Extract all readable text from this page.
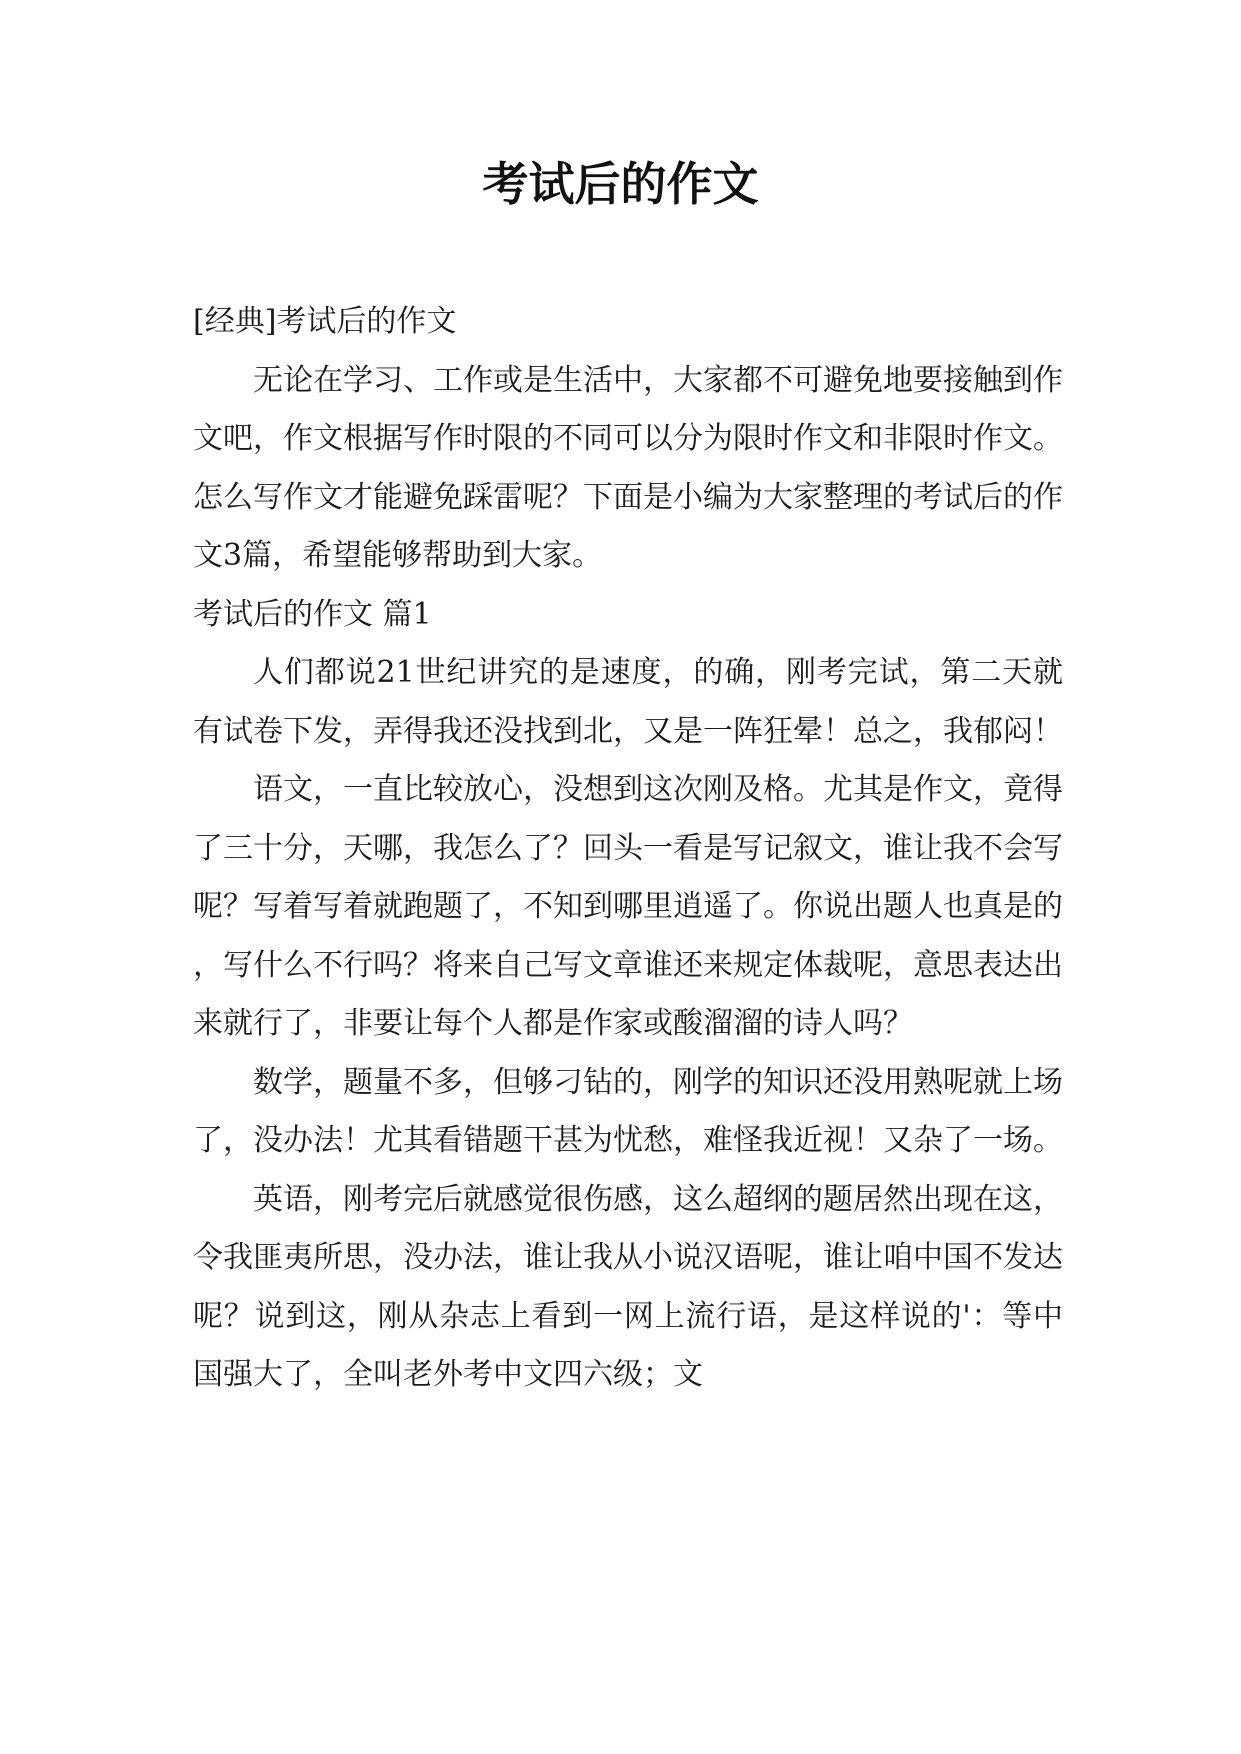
考试后的作文

[经典]考试后的作文

无论在学习、工作或是生活中，大家都不可避免地要接触到作文吧，作文根据写作时限的不同可以分为限时作文和非限时作文。怎么写作文才能避免踩雷呢？下面是小编为大家整理的考试后的作文3篇，希望能够帮助到大家。

考试后的作文 篇1

人们都说21世纪讲究的是速度，的确，刚考完试，第二天就有试卷下发，弄得我还没找到北，又是一阵狂晕！总之，我郁闷！

语文，一直比较放心，没想到这次刚及格。尤其是作文，竟得了三十分，天哪，我怎么了？回头一看是写记叙文，谁让我不会写呢？写着写着就跑题了，不知到哪里逍遥了。你说出题人也真是的，写什么不行吗？将来自己写文章谁还来规定体裁呢，意思表达出来就行了，非要让每个人都是作家或酸溜溜的诗人吗？

数学，题量不多，但够刁钻的，刚学的知识还没用熟呢就上场了，没办法！尤其看错题干甚为忧愁，难怪我近视！又杂了一场。

英语，刚考完后就感觉很伤感，这么超纲的题居然出现在这，令我匪夷所思，没办法，谁让我从小说汉语呢，谁让咱中国不发达呢？说到这，刚从杂志上看到一网上流行语，是这样说的'：等中国强大了，全叫老外考中文四六级；文
